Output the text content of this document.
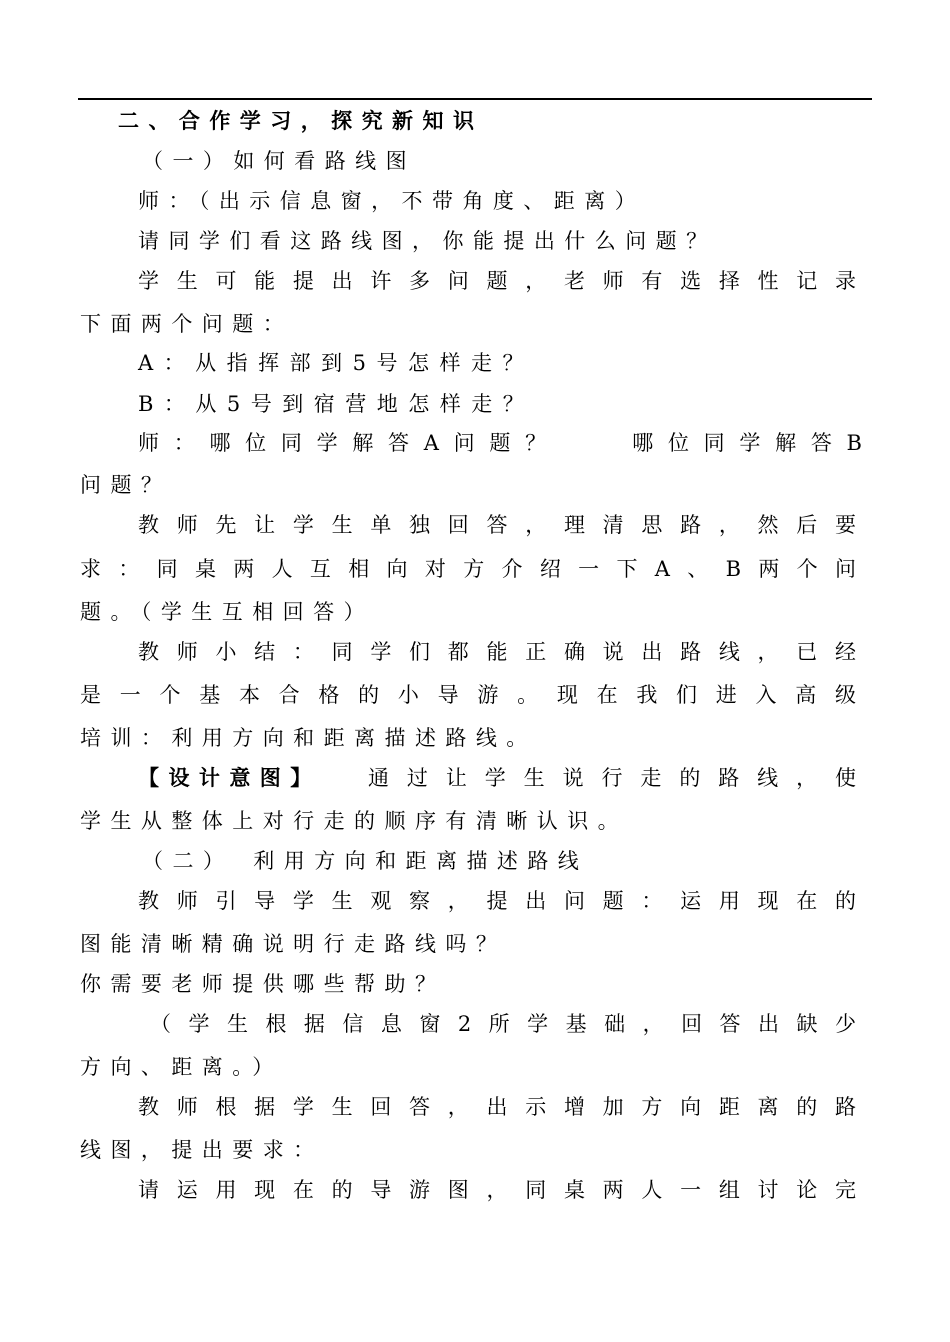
二、合作学习，探究新知识
（一）如何看路线图
师：（出示信息窗，不带角度、距离）
请同学们看这路线图，你能提出什么问题？
学生可能提出许多问题，老师有选择性记录
下面两个问题：
A：从指挥部到5号怎样走？
B：从5号到宿营地怎样走？
师：哪位同学解答A问题？　　哪位同学解答B
问题？
教师先让学生单独回答，理清思路，然后要
求：同桌两人互相向对方介绍一下A、B两个问
题。（学生互相回答）
教师小结：同学们都能正确说出路线，已经
是一个基本合格的小导游。现在我们进入高级
培训：利用方向和距离描述路线。
【设计意图】	通过让学生说行走的路线，使
学生从整体上对行走的顺序有清晰认识。
（二）　利用方向和距离描述路线
教师引导学生观察，提出问题：运用现在的
图能清晰精确说明行走路线吗？
你需要老师提供哪些帮助？
（学生根据信息窗2所学基础，回答出缺少
方向、距离。）
教师根据学生回答，出示增加方向距离的路
线图，提出要求：
请运用现在的导游图，同桌两人一组讨论完
